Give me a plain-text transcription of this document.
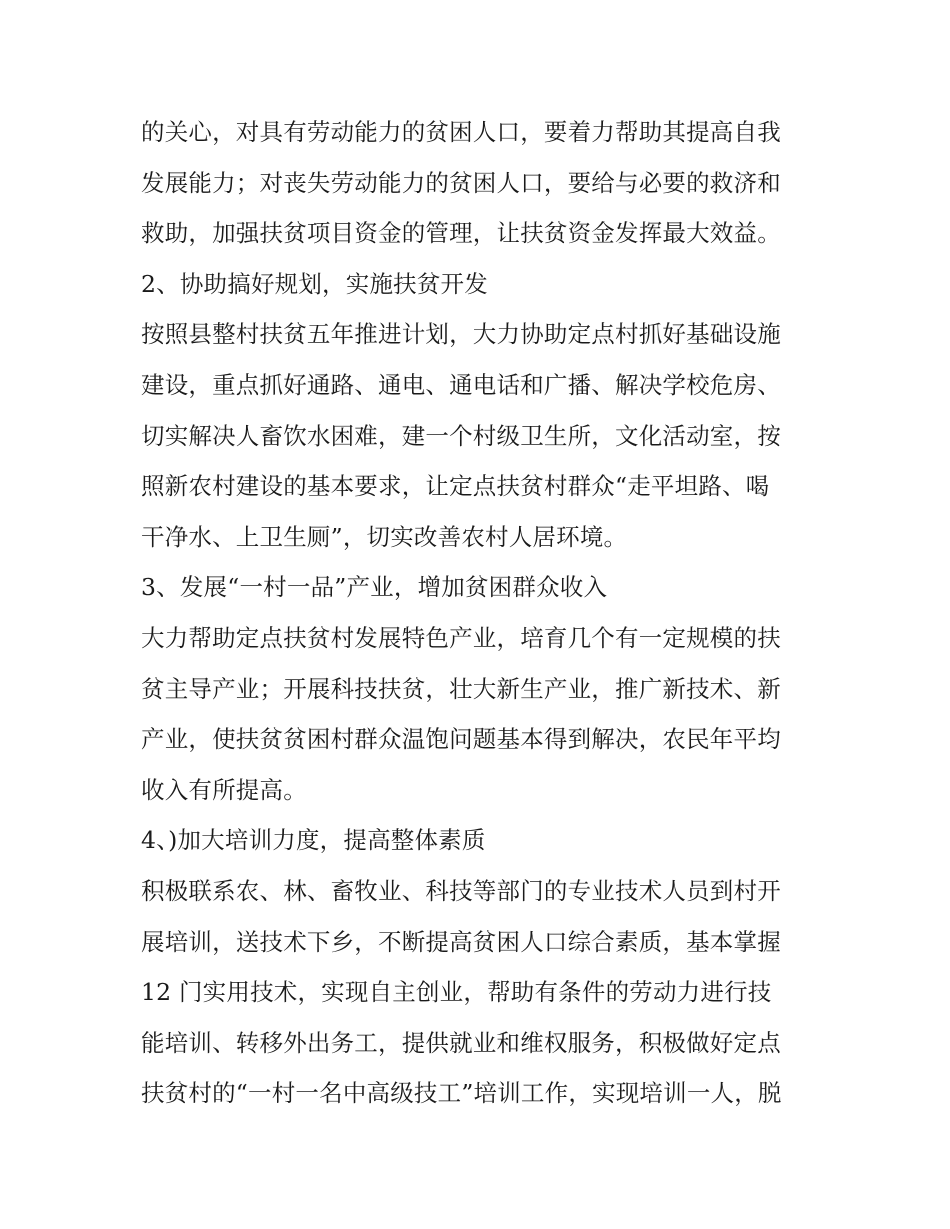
的关心，对具有劳动能力的贫困人口，要着力帮助其提高自我
发展能力；对丧失劳动能力的贫困人口，要给与必要的救济和
救助，加强扶贫项目资金的管理，让扶贫资金发挥最大效益。
2、协助搞好规划，实施扶贫开发
按照县整村扶贫五年推进计划，大力协助定点村抓好基础设施
建设，重点抓好通路、通电、通电话和广播、解决学校危房、
切实解决人畜饮水困难，建一个村级卫生所，文化活动室，按
照新农村建设的基本要求，让定点扶贫村群众“走平坦路、喝
干净水、上卫生厕”，切实改善农村人居环境。
3、发展“一村一品”产业，增加贫困群众收入
大力帮助定点扶贫村发展特色产业，培育几个有一定规模的扶
贫主导产业；开展科技扶贫，壮大新生产业，推广新技术、新
产业，使扶贫贫困村群众温饱问题基本得到解决，农民年平均
收入有所提高。
4、)加大培训力度，提高整体素质
积极联系农、林、畜牧业、科技等部门的专业技术人员到村开
展培训，送技术下乡，不断提高贫困人口综合素质，基本掌握
12 门实用技术，实现自主创业，帮助有条件的劳动力进行技
能培训、转移外出务工，提供就业和维权服务，积极做好定点
扶贫村的“一村一名中高级技工”培训工作，实现培训一人，脱
